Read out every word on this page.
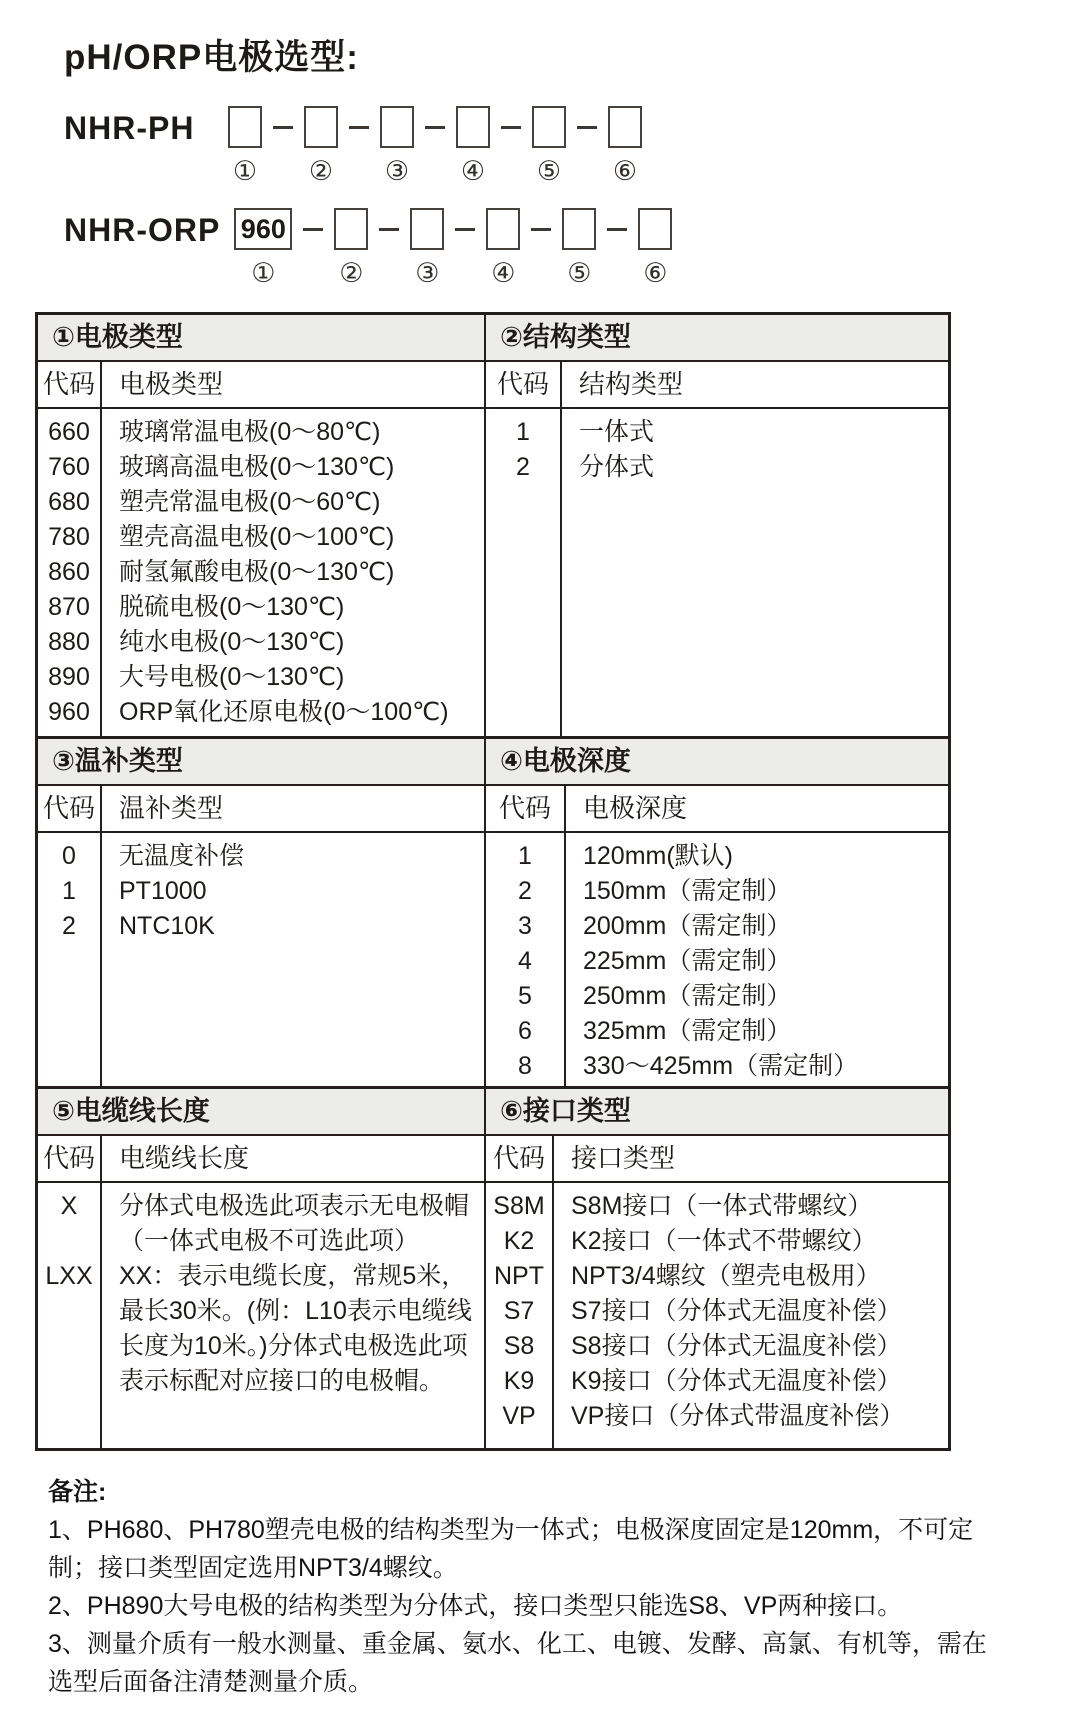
pH/ORP电极选型:
NHR-PH
① ② ③ ④ ⑤ ⑥
NHR-ORP 960
① ② ③ ④ ⑤ ⑥
①电极类型	②结构类型
代码 电极类型
660	玻璃常温电极(0～80℃)
760	玻璃高温电极(0～130℃)
680	塑壳常温电极(0～60℃)
780	塑壳高温电极(0～100℃)
860	耐氢氟酸电极(0～130℃)
870	脱硫电极(0～130℃)
880	纯水电极(0～130℃)
890	大号电极(0～130℃)
960	ORP氧化还原电极(0～100℃)
代码	结构类型
1	一体式
2	分体式
③温补类型	④电极深度
代码 温补类型
0	无温度补偿
1	PT1000
2	NTC10K
代码	电极深度
1	120mm(默认)
2	150mm（需定制）
3	200mm（需定制）
4	225mm（需定制）
5	250mm（需定制）
6	325mm（需定制）
8	330～425mm（需定制）
⑤电缆线长度	⑥接口类型
代码 电缆线长度
X	分体式电极选此项表示无电极帽（一体式电极不可选此项）
LXX	XX：表示电缆长度，常规5米，最长30米。(例：L10表示电缆线长度为10米。)分体式电极选此项表示标配对应接口的电极帽。
代码	接口类型
S8M	S8M接口（一体式带螺纹）
K2	K2接口（一体式不带螺纹）
NPT	NPT3/4螺纹（塑壳电极用）
S7	S7接口（分体式无温度补偿）
S8	S8接口（分体式无温度补偿）
K9	K9接口（分体式无温度补偿）
VP	VP接口（分体式带温度补偿）
备注:
1、PH680、PH780塑壳电极的结构类型为一体式；电极深度固定是120mm，不可定制；接口类型固定选用NPT3/4螺纹。
2、PH890大号电极的结构类型为分体式，接口类型只能选S8、VP两种接口。
3、测量介质有一般水测量、重金属、氨水、化工、电镀、发酵、高氯、有机等，需在选型后面备注清楚测量介质。
